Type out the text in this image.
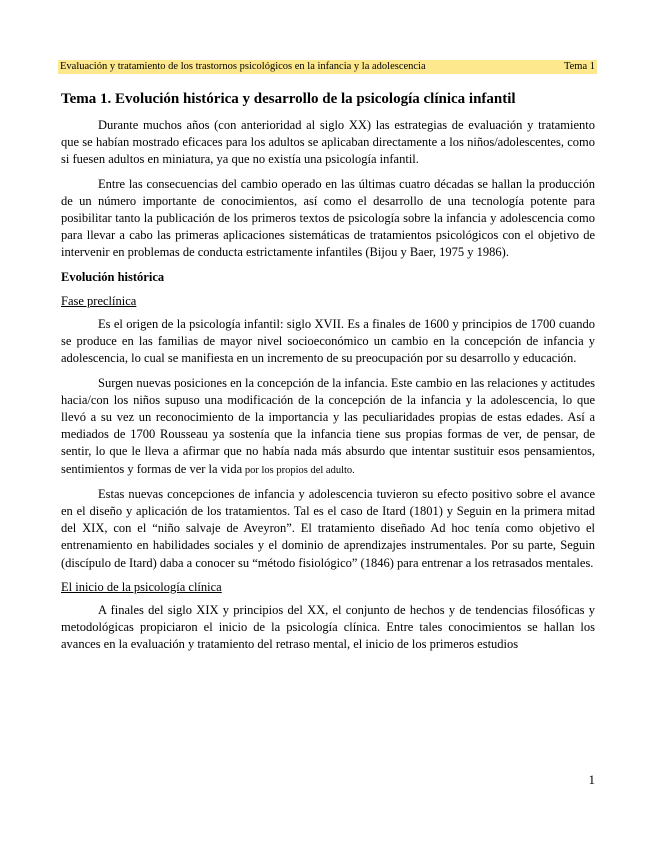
Evaluación y tratamiento de los trastornos psicológicos en la infancia y la adolescencia	Tema 1
Tema 1. Evolución histórica y desarrollo de la psicología clínica infantil

Durante muchos años (con anterioridad al siglo XX) las estrategias de evaluación y tratamiento que se habían mostrado eficaces para los adultos se aplicaban directamente a los niños/adolescentes, como si fuesen adultos en miniatura, ya que no existía una psicología infantil.

Entre las consecuencias del cambio operado en las últimas cuatro décadas se hallan la producción de un número importante de conocimientos, así como el desarrollo de una tecnología potente para posibilitar tanto la publicación de los primeros textos de psicología sobre la infancia y adolescencia como para llevar a cabo las primeras aplicaciones sistemáticas de tratamientos psicológicos con el objetivo de intervenir en problemas de conducta estrictamente infantiles (Bijou y Baer, 1975 y 1986).

Evolución histórica
Fase preclínica

Es el origen de la psicología infantil: siglo XVII. Es a finales de 1600 y principios de 1700 cuando se produce en las familias de mayor nivel socioeconómico un cambio en la concepción de infancia y adolescencia, lo cual se manifiesta en un incremento de su preocupación por su desarrollo y educación.

Surgen nuevas posiciones en la concepción de la infancia. Este cambio en las relaciones y actitudes hacia/con los niños supuso una modificación de la concepción de la infancia y la adolescencia, lo que llevó a su vez un reconocimiento de la importancia y las peculiaridades propias de estas edades. Así a mediados de 1700 Rousseau ya sostenía que la infancia tiene sus propias formas de ver, de pensar, de sentir, lo que le lleva a afirmar que no había nada más absurdo que intentar sustituir esos pensamientos, sentimientos y formas de ver la vida por los propios del adulto.

Estas nuevas concepciones de infancia y adolescencia tuvieron su efecto positivo sobre el avance en el diseño y aplicación de los tratamientos. Tal es el caso de Itard (1801) y Seguin en la primera mitad del XIX, con el “niño salvaje de Aveyron”. El tratamiento diseñado Ad hoc tenía como objetivo el entrenamiento en habilidades sociales y el dominio de aprendizajes instrumentales. Por su parte, Seguin (discípulo de Itard) daba a conocer su “método fisiológico” (1846) para entrenar a los retrasados mentales.

El inicio de la psicología clínica

A finales del siglo XIX y principios del XX, el conjunto de hechos y de tendencias filosóficas y metodológicas propiciaron el inicio de la psicología clínica. Entre tales conocimientos se hallan los avances en la evaluación y tratamiento del retraso mental, el inicio de los primeros estudios

1
